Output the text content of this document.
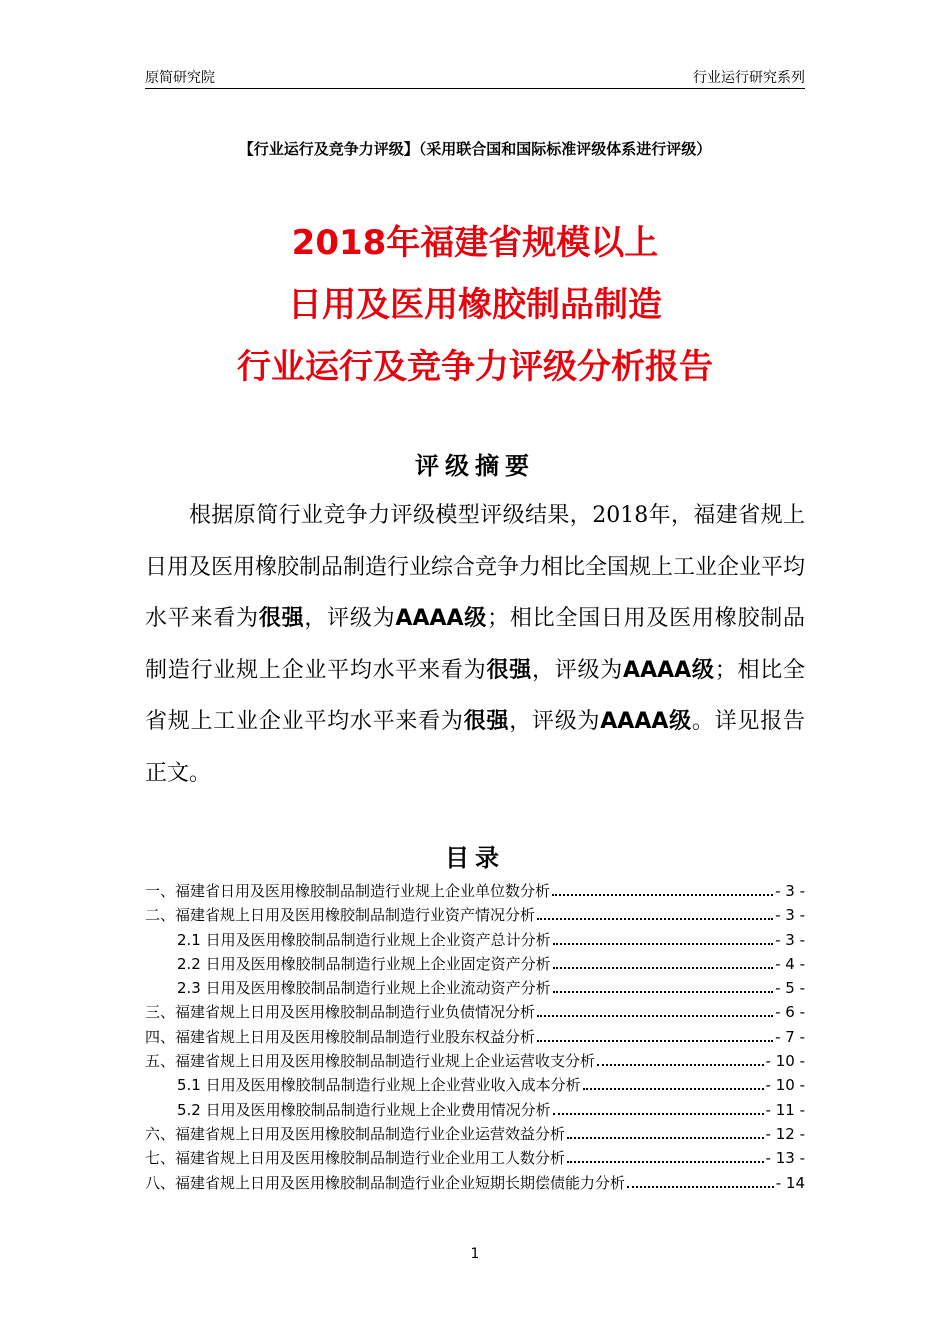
原简研究院	行业运行研究系列
【行业运行及竞争力评级】（采用联合国和国际标准评级体系进行评级）
2018年福建省规模以上
日用及医用橡胶制品制造
行业运行及竞争力评级分析报告
评级摘要
根据原简行业竞争力评级模型评级结果，2018年，福建省规上日用及医用橡胶制品制造行业综合竞争力相比全国规上工业企业平均水平来看为很强，评级为AAAA级；相比全国日用及医用橡胶制品制造行业规上企业平均水平来看为很强，评级为AAAA级；相比全省规上工业企业平均水平来看为很强，评级为AAAA级。详见报告正文。
目录
一、福建省日用及医用橡胶制品制造行业规上企业单位数分析	- 3 -
二、福建省规上日用及医用橡胶制品制造行业资产情况分析	- 3 -
2.1 日用及医用橡胶制品制造行业规上企业资产总计分析	- 3 -
2.2 日用及医用橡胶制品制造行业规上企业固定资产分析	- 4 -
2.3 日用及医用橡胶制品制造行业规上企业流动资产分析	- 5 -
三、福建省规上日用及医用橡胶制品制造行业负债情况分析	- 6 -
四、福建省规上日用及医用橡胶制品制造行业股东权益分析	- 7 -
五、福建省规上日用及医用橡胶制品制造行业规上企业运营收支分析	- 10 -
5.1 日用及医用橡胶制品制造行业规上企业营业收入成本分析	- 10 -
5.2 日用及医用橡胶制品制造行业规上企业费用情况分析	- 11 -
六、福建省规上日用及医用橡胶制品制造行业企业运营效益分析	- 12 -
七、福建省规上日用及医用橡胶制品制造行业企业用工人数分析	- 13 -
八、福建省规上日用及医用橡胶制品制造行业企业短期长期偿债能力分析	- 14
1
